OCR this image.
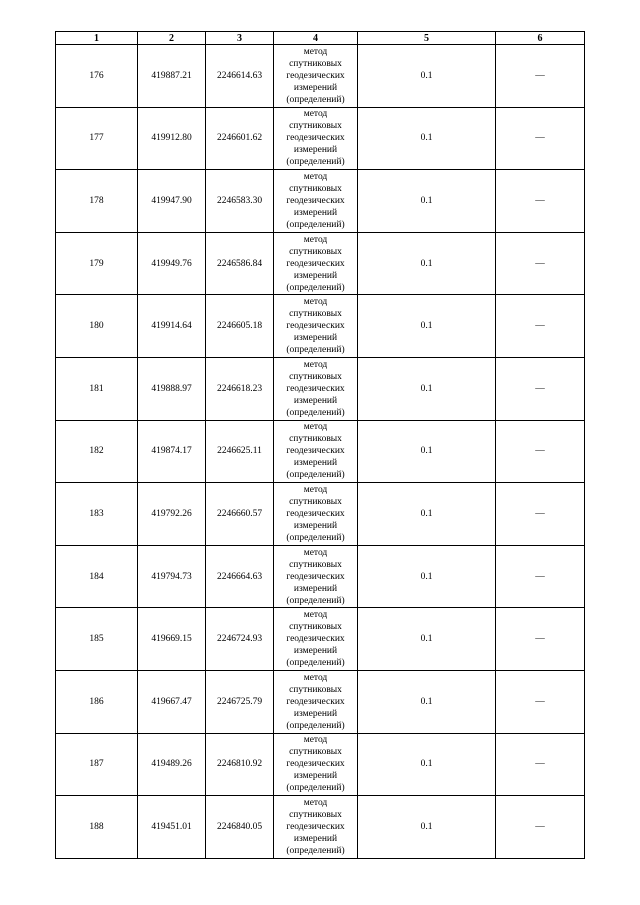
1	2	3	4	5	6
176	419887.21	2246614.63	метод
спутниковых
геодезических
измерений
(определений)	0.1	—
177	419912.80	2246601.62	метод
спутниковых
геодезических
измерений
(определений)	0.1	—
178	419947.90	2246583.30	метод
спутниковых
геодезических
измерений
(определений)	0.1	—
179	419949.76	2246586.84	метод
спутниковых
геодезических
измерений
(определений)	0.1	—
180	419914.64	2246605.18	метод
спутниковых
геодезических
измерений
(определений)	0.1	—
181	419888.97	2246618.23	метод
спутниковых
геодезических
измерений
(определений)	0.1	—
182	419874.17	2246625.11	метод
спутниковых
геодезических
измерений
(определений)	0.1	—
183	419792.26	2246660.57	метод
спутниковых
геодезических
измерений
(определений)	0.1	—
184	419794.73	2246664.63	метод
спутниковых
геодезических
измерений
(определений)	0.1	—
185	419669.15	2246724.93	метод
спутниковых
геодезических
измерений
(определений)	0.1	—
186	419667.47	2246725.79	метод
спутниковых
геодезических
измерений
(определений)	0.1	—
187	419489.26	2246810.92	метод
спутниковых
геодезических
измерений
(определений)	0.1	—
188	419451.01	2246840.05	метод
спутниковых
геодезических
измерений
(определений)	0.1	—
